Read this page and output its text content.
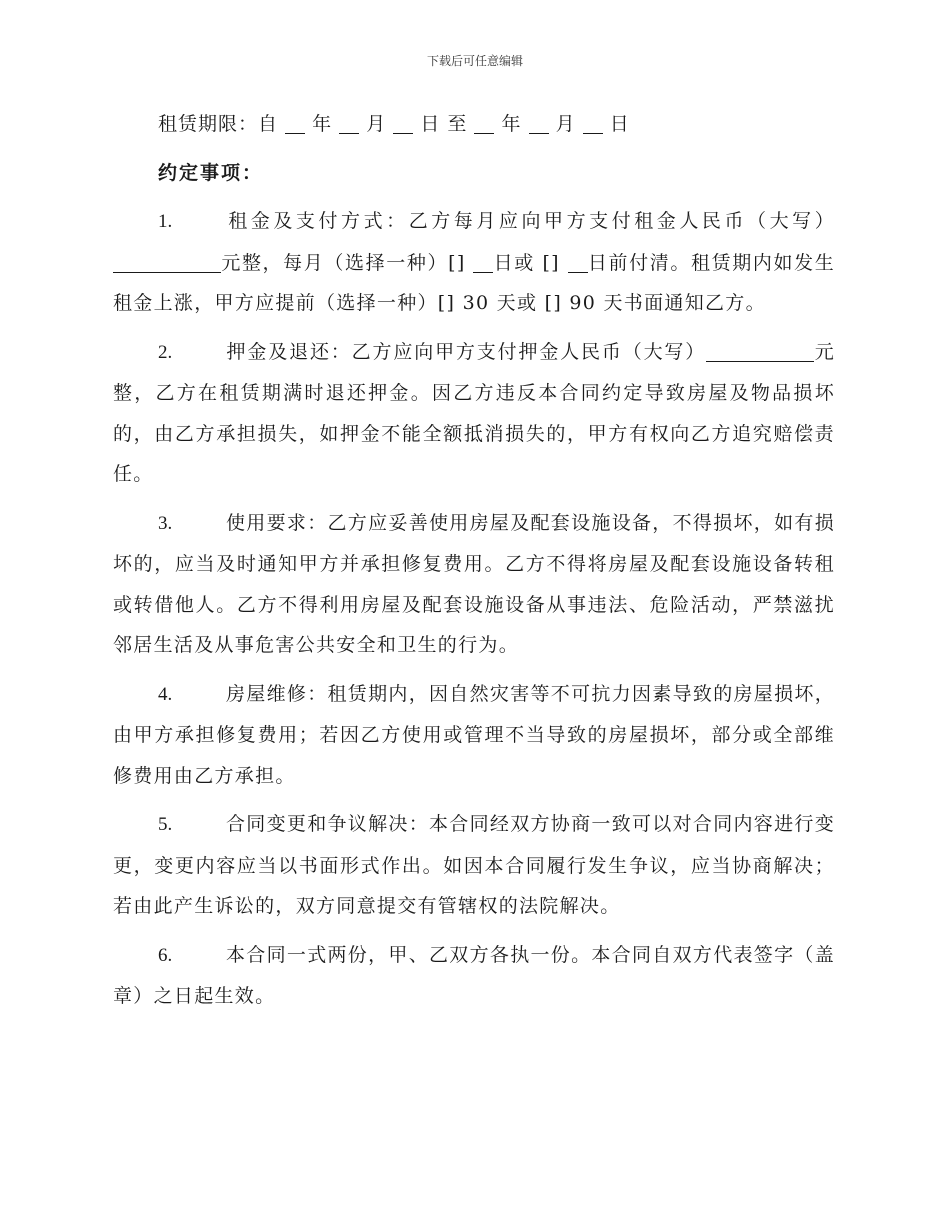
下载后可任意编辑

租赁期限：自 年 月 日 至 年 月 日

约定事项：

1.	租金及支付方式：乙方每月应向甲方支付租金人民币（大写）元整，每月（选择一种）[] 日或 [] 日前付清。租赁期内如发生租金上涨，甲方应提前（选择一种）[] 30 天或 [] 90 天书面通知乙方。

2.	押金及退还：乙方应向甲方支付押金人民币（大写）	元整，乙方在租赁期满时退还押金。因乙方违反本合同约定导致房屋及物品损坏的，由乙方承担损失，如押金不能全额抵消损失的，甲方有权向乙方追究赔偿责任。

3.	使用要求：乙方应妥善使用房屋及配套设施设备，不得损坏，如有损坏的，应当及时通知甲方并承担修复费用。乙方不得将房屋及配套设施设备转租或转借他人。乙方不得利用房屋及配套设施设备从事违法、危险活动，严禁滋扰邻居生活及从事危害公共安全和卫生的行为。

4.	房屋维修：租赁期内，因自然灾害等不可抗力因素导致的房屋损坏，由甲方承担修复费用；若因乙方使用或管理不当导致的房屋损坏，部分或全部维修费用由乙方承担。

5.	合同变更和争议解决：本合同经双方协商一致可以对合同内容进行变更，变更内容应当以书面形式作出。如因本合同履行发生争议，应当协商解决；若由此产生诉讼的，双方同意提交有管辖权的法院解决。

6.	本合同一式两份，甲、乙双方各执一份。本合同自双方代表签字（盖章）之日起生效。
